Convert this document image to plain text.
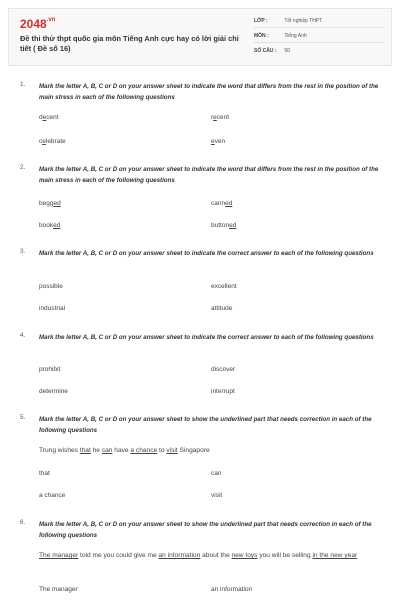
$2048^{.vn}$
Đề thi thử thpt quốc gia môn Tiếng Anh cực hay có lời giải chi tiết ( Đề số 16)
LỚP :	Tốt nghiệp THPT
MÔN :	Tiếng Anh
SỐ CÂU : 50
1. Mark the letter A, B, C or D on your answer sheet to indicate the word that differs from the rest in the position of the main stress in each of the following questions
decent	recent
celebrate	even
2. Mark the letter A, B, C or D on your answer sheet to indicate the word that differs from the rest in the position of the main stress in each of the following questions
begged	canned
booked	buttoned
3. Mark the letter A, B, C or D on your answer sheet to indicate the correct answer to each of the following questions
possible	excellent
industrial	attitude
4. Mark the letter A, B, C or D on your answer sheet to indicate the correct answer to each of the following questions
prohibit	discover
determine	interrupt
5. Mark the letter A, B, C or D on your answer sheet to show the underlined part that needs correction in each of the following questions
Trung wishes that he can have a chance to visit Singapore
that	can
a chance	visit
6. Mark the letter A, B, C or D on your answer sheet to show the underlined part that needs correction in each of the following questions
The manager told me you could give me an information about the new toys you will be selling in the new year
The manager	an information
